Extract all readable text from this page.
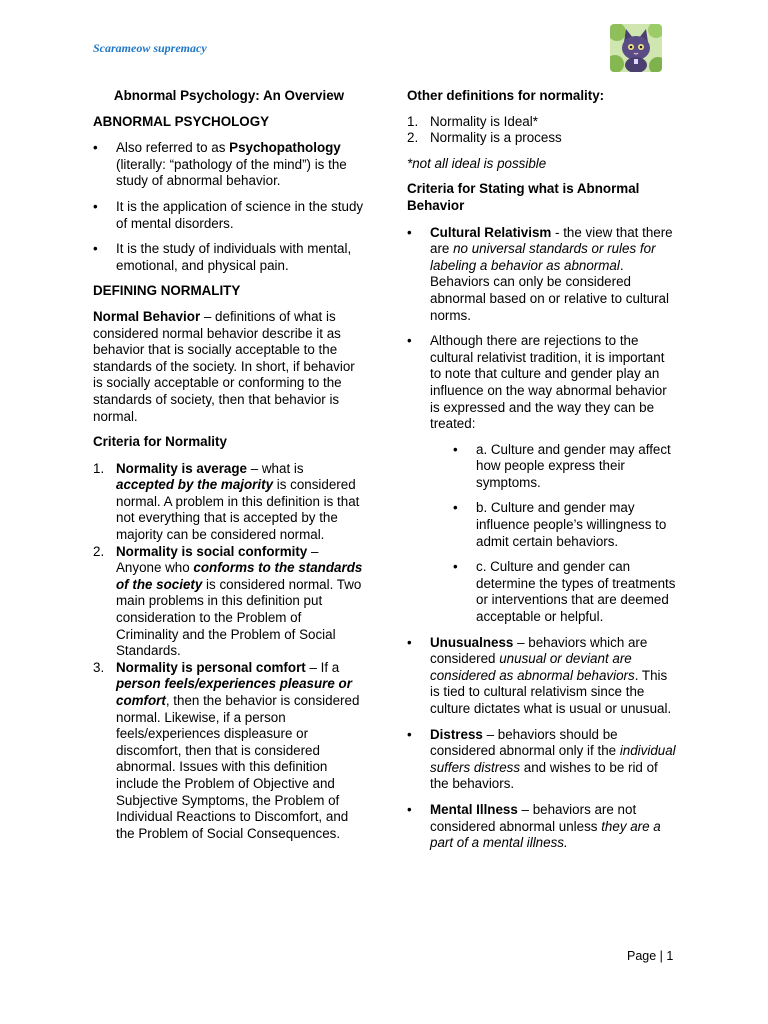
Scarameow supremacy

Abnormal Psychology: An Overview

ABNORMAL PSYCHOLOGY

• Also referred to as Psychopathology (literally: “pathology of the mind”) is the study of abnormal behavior.
• It is the application of science in the study of mental disorders.
• It is the study of individuals with mental, emotional, and physical pain.

DEFINING NORMALITY

Normal Behavior – definitions of what is considered normal behavior describe it as behavior that is socially acceptable to the standards of the society. In short, if behavior is socially acceptable or conforming to the standards of society, then that behavior is normal.

Criteria for Normality

1. Normality is average – what is accepted by the majority is considered normal. A problem in this definition is that not everything that is accepted by the majority can be considered normal.
2. Normality is social conformity – Anyone who conforms to the standards of the society is considered normal. Two main problems in this definition put consideration to the Problem of Criminality and the Problem of Social Standards.
3. Normality is personal comfort – If a person feels/experiences pleasure or comfort, then the behavior is considered normal. Likewise, if a person feels/experiences displeasure or discomfort, then that is considered abnormal. Issues with this definition include the Problem of Objective and Subjective Symptoms, the Problem of Individual Reactions to Discomfort, and the Problem of Social Consequences.

Other definitions for normality:

1. Normality is Ideal*
2. Normality is a process

*not all ideal is possible

Criteria for Stating what is Abnormal Behavior

• Cultural Relativism - the view that there are no universal standards or rules for labeling a behavior as abnormal. Behaviors can only be considered abnormal based on or relative to cultural norms.
• Although there are rejections to the cultural relativist tradition, it is important to note that culture and gender play an influence on the way abnormal behavior is expressed and the way they can be treated:
• a. Culture and gender may affect how people express their symptoms.
• b. Culture and gender may influence people’s willingness to admit certain behaviors.
• c. Culture and gender can determine the types of treatments or interventions that are deemed acceptable or helpful.
• Unusualness – behaviors which are considered unusual or deviant are considered as abnormal behaviors. This is tied to cultural relativism since the culture dictates what is usual or unusual.
• Distress – behaviors should be considered abnormal only if the individual suffers distress and wishes to be rid of the behaviors.
• Mental Illness – behaviors are not considered abnormal unless they are a part of a mental illness.
Page | 1
